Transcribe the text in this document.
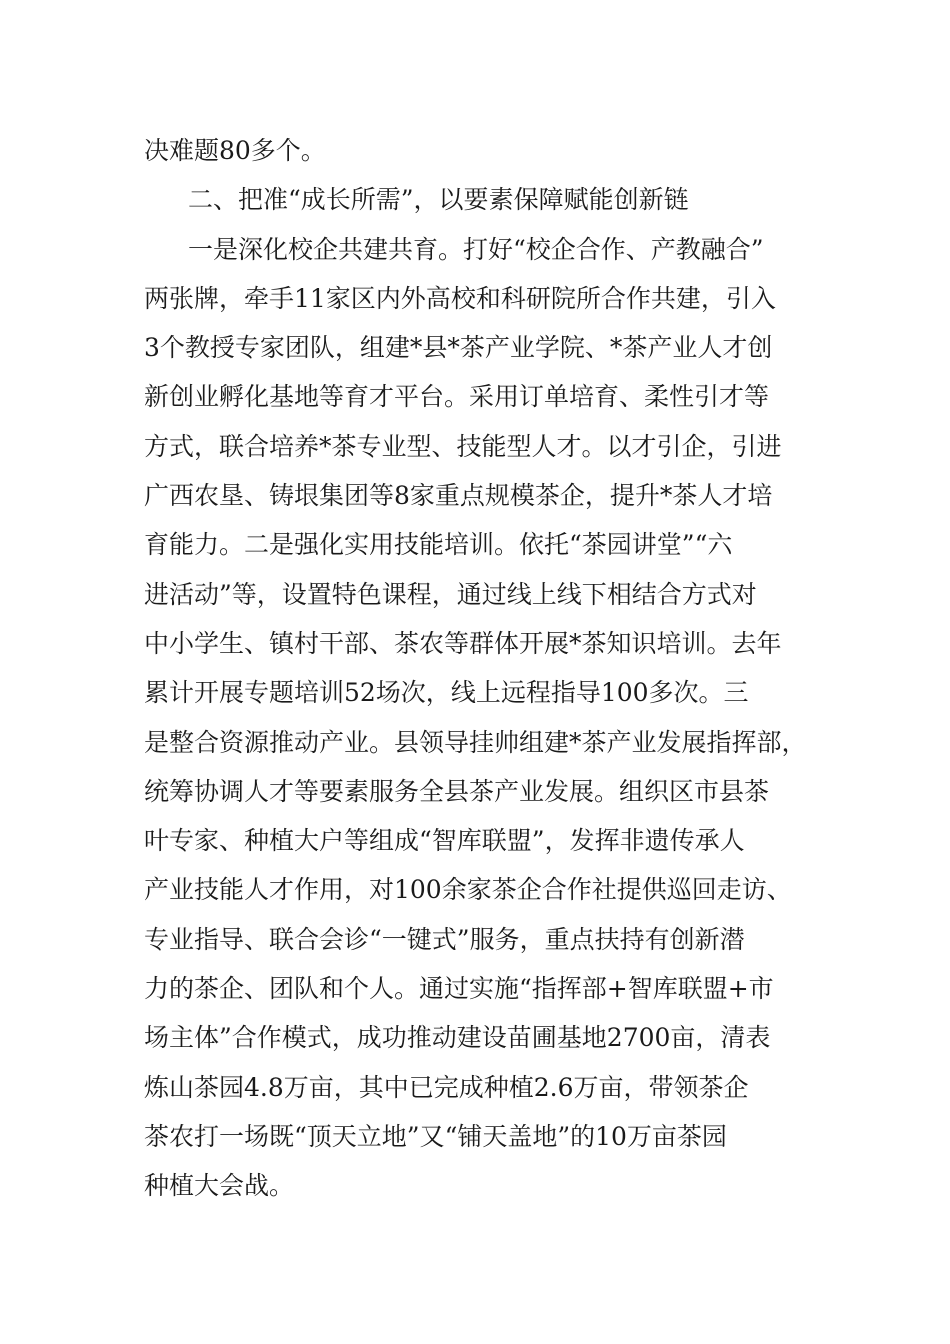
决难题80多个。
二、把准“成长所需”，以要素保障赋能创新链
一是深化校企共建共育。打好“校企合作、产教融合”
两张牌，牵手11家区内外高校和科研院所合作共建，引入
3个教授专家团队，组建*县*茶产业学院、*茶产业人才创
新创业孵化基地等育才平台。采用订单培育、柔性引才等
方式，联合培养*茶专业型、技能型人才。以才引企，引进
广西农垦、铸垠集团等8家重点规模茶企，提升*茶人才培
育能力。二是强化实用技能培训。依托“茶园讲堂”“六
进活动”等，设置特色课程，通过线上线下相结合方式对
中小学生、镇村干部、茶农等群体开展*茶知识培训。去年
累计开展专题培训52场次，线上远程指导100多次。三
是整合资源推动产业。县领导挂帅组建*茶产业发展指挥部，
统筹协调人才等要素服务全县茶产业发展。组织区市县茶
叶专家、种植大户等组成“智库联盟”，发挥非遗传承人
产业技能人才作用，对100余家茶企合作社提供巡回走访、
专业指导、联合会诊“一键式”服务，重点扶持有创新潜
力的茶企、团队和个人。通过实施“指挥部+智库联盟+市
场主体”合作模式，成功推动建设苗圃基地2700亩，清表
炼山茶园4.8万亩，其中已完成种植2.6万亩，带领茶企
茶农打一场既“顶天立地”又“铺天盖地”的10万亩茶园
种植大会战。
